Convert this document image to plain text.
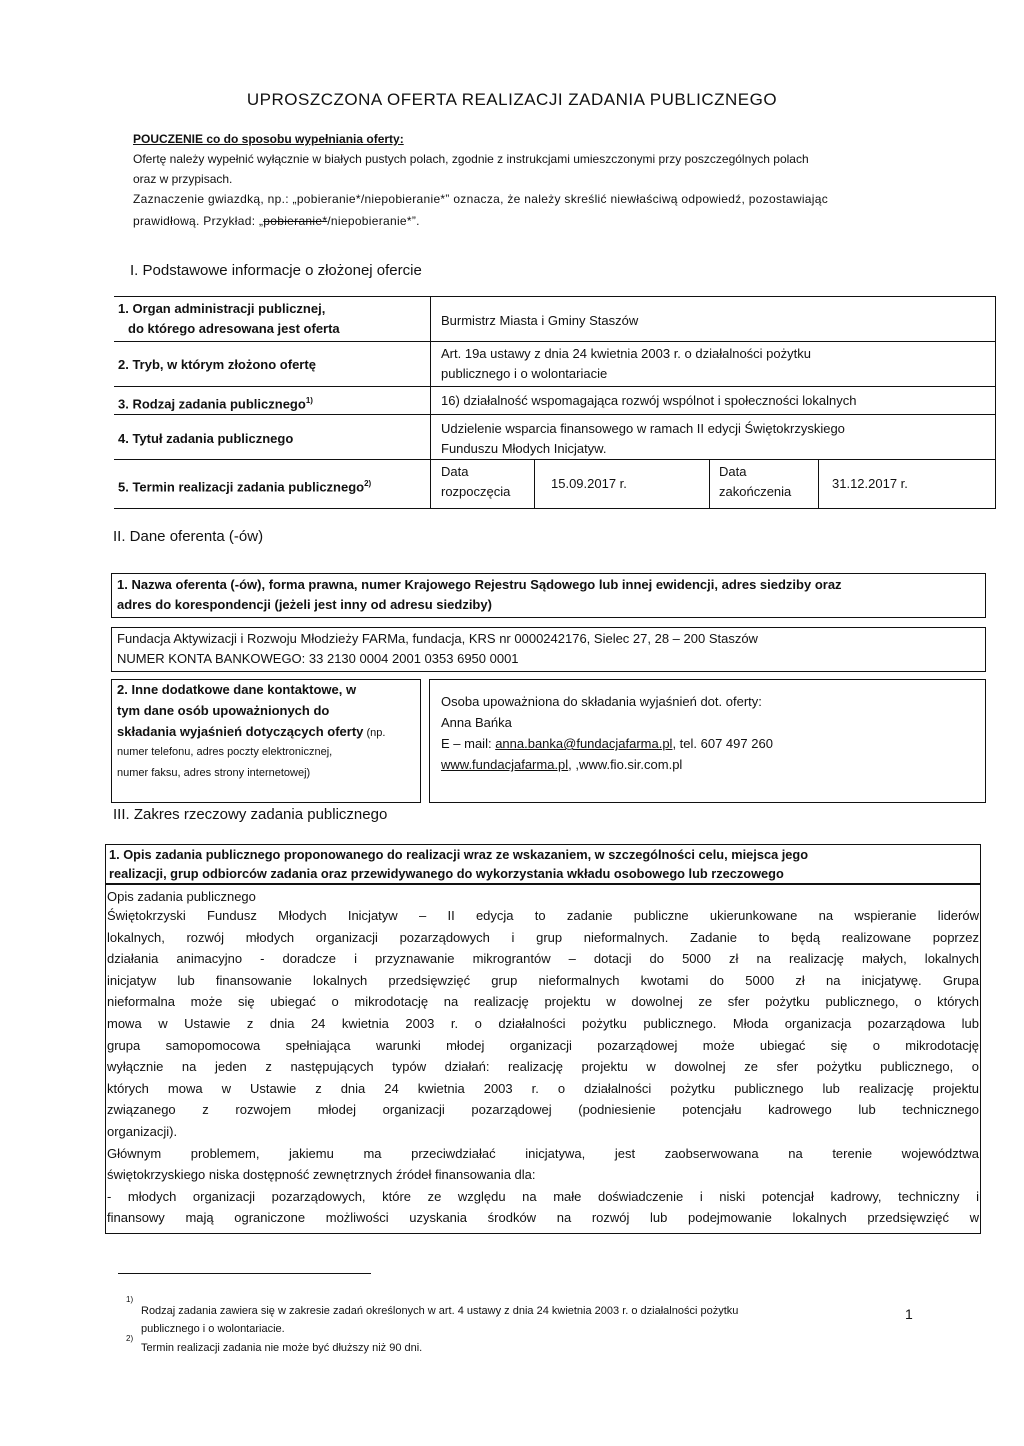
UPROSZCZONA OFERTA REALIZACJI ZADANIA PUBLICZNEGO
POUCZENIE co do sposobu wypełniania oferty:
Ofertę należy wypełnić wyłącznie w białych pustych polach, zgodnie z instrukcjami umieszczonymi przy poszczególnych polach
oraz w przypisach.
Zaznaczenie gwiazdką, np.: „pobieranie*/niepobieranie*” oznacza, że należy skreślić niewłaściwą odpowiedź, pozostawiając
prawidłową. Przykład: „pobieranie*/niepobieranie*”.
I. Podstawowe informacje o złożonej ofercie
1. Organ administracji publicznej,
do którego adresowana jest oferta
Burmistrz Miasta i Gminy Staszów
2. Tryb, w którym złożono ofertę
Art. 19a ustawy z dnia 24 kwietnia 2003 r. o działalności pożytku
publicznego i o wolontariacie
3. Rodzaj zadania publicznego$^{1)}$	16) działalność wspomagająca rozwój wspólnot i społeczności lokalnych
4. Tytuł zadania publicznego
Udzielenie wsparcia finansowego w ramach II edycji Świętokrzyskiego
Funduszu Młodych Inicjatyw.
5. Termin realizacji zadania publicznego$^{2)}$
Data
rozpoczęcia
15.09.2017 r.
Data
zakończenia
31.12.2017 r.
II. Dane oferenta (-ów)
1. Nazwa oferenta (-ów), forma prawna, numer Krajowego Rejestru Sądowego lub innej ewidencji, adres siedziby oraz
adres do korespondencji (jeżeli jest inny od adresu siedziby)
Fundacja Aktywizacji i Rozwoju Młodzieży FARMa, fundacja, KRS nr 0000242176, Sielec 27, 28 – 200 Staszów
NUMER KONTA BANKOWEGO: 33 2130 0004 2001 0353 6950 0001
2. Inne dodatkowe dane kontaktowe, w
tym dane osób upoważnionych do
składania wyjaśnień dotyczących oferty (np.
numer telefonu, adres poczty elektronicznej,
numer faksu, adres strony internetowej)
Osoba upoważniona do składania wyjaśnień dot. oferty:
Anna Bańka
E – mail: anna.banka@fundacjafarma.pl, tel. 607 497 260
www.fundacjafarma.pl, ,www.fio.sir.com.pl
III. Zakres rzeczowy zadania publicznego
1. Opis zadania publicznego proponowanego do realizacji wraz ze wskazaniem, w szczególności celu, miejsca jego
realizacji, grup odbiorców zadania oraz przewidywanego do wykorzystania wkładu osobowego lub rzeczowego
Opis zadania publicznego
Świętokrzyski Fundusz Młodych Inicjatyw – II edycja to zadanie publiczne ukierunkowane na wspieranie liderów
lokalnych, rozwój młodych organizacji pozarządowych i grup nieformalnych. Zadanie to będą realizowane poprzez
działania animacyjno - doradcze i przyznawanie mikrograntów – dotacji do 5000 zł na realizację małych, lokalnych
inicjatyw lub finansowanie lokalnych przedsięwzięć grup nieformalnych kwotami do 5000 zł na inicjatywę. Grupa
nieformalna może się ubiegać o mikrodotację na realizację projektu w dowolnej ze sfer pożytku publicznego, o których
mowa w Ustawie z dnia 24 kwietnia 2003 r. o działalności pożytku publicznego. Młoda organizacja pozarządowa lub
grupa samopomocowa spełniająca warunki młodej organizacji pozarządowej może ubiegać się o mikrodotację
wyłącznie na jeden z następujących typów działań: realizację projektu w dowolnej ze sfer pożytku publicznego, o
których mowa w Ustawie z dnia 24 kwietnia 2003 r. o działalności pożytku publicznego lub realizację projektu
związanego z rozwojem młodej organizacji pozarządowej (podniesienie potencjału kadrowego lub technicznego
organizacji).
Głównym problemem, jakiemu ma przeciwdziałać inicjatywa, jest zaobserwowana na terenie województwa
świętokrzyskiego niska dostępność zewnętrznych źródeł finansowania dla:
- młodych organizacji pozarządowych, które ze względu na małe doświadczenie i niski potencjał kadrowy, techniczny i
finansowy mają ograniczone możliwości uzyskania środków na rozwój lub podejmowanie lokalnych przedsięwzięć w
1)
Rodzaj zadania zawiera się w zakresie zadań określonych w art. 4 ustawy z dnia 24 kwietnia 2003 r. o działalności pożytku
publicznego i o wolontariacie.
2)
Termin realizacji zadania nie może być dłuższy niż 90 dni.
1
